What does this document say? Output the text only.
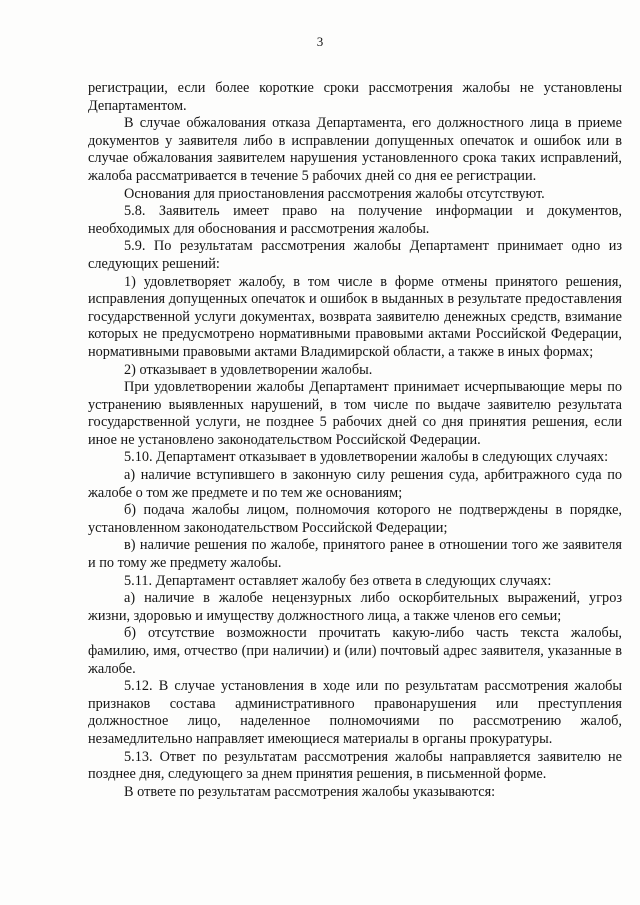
3

регистрации, если более короткие сроки рассмотрения жалобы не установлены Департаментом.

В случае обжалования отказа Департамента, его должностного лица в приеме документов у заявителя либо в исправлении допущенных опечаток и ошибок или в случае обжалования заявителем нарушения установленного срока таких исправлений, жалоба рассматривается в течение 5 рабочих дней со дня ее регистрации.

Основания для приостановления рассмотрения жалобы отсутствуют.

5.8. Заявитель имеет право на получение информации и документов, необходимых для обоснования и рассмотрения жалобы.

5.9. По результатам рассмотрения жалобы Департамент принимает одно из следующих решений:

1) удовлетворяет жалобу, в том числе в форме отмены принятого решения, исправления допущенных опечаток и ошибок в выданных в результате предоставления государственной услуги документах, возврата заявителю денежных средств, взимание которых не предусмотрено нормативными правовыми актами Российской Федерации, нормативными правовыми актами Владимирской области, а также в иных формах;

2) отказывает в удовлетворении жалобы.

При удовлетворении жалобы Департамент принимает исчерпывающие меры по устранению выявленных нарушений, в том числе по выдаче заявителю результата государственной услуги, не позднее 5 рабочих дней со дня принятия решения, если иное не установлено законодательством Российской Федерации.

5.10. Департамент отказывает в удовлетворении жалобы в следующих случаях:

а) наличие вступившего в законную силу решения суда, арбитражного суда по жалобе о том же предмете и по тем же основаниям;

б) подача жалобы лицом, полномочия которого не подтверждены в порядке, установленном законодательством Российской Федерации;

в) наличие решения по жалобе, принятого ранее в отношении того же заявителя и по тому же предмету жалобы.

5.11. Департамент оставляет жалобу без ответа в следующих случаях:

а) наличие в жалобе нецензурных либо оскорбительных выражений, угроз жизни, здоровью и имуществу должностного лица, а также членов его семьи;

б) отсутствие возможности прочитать какую-либо часть текста жалобы, фамилию, имя, отчество (при наличии) и (или) почтовый адрес заявителя, указанные в жалобе.

5.12. В случае установления в ходе или по результатам рассмотрения жалобы признаков состава административного правонарушения или преступления должностное лицо, наделенное полномочиями по рассмотрению жалоб, незамедлительно направляет имеющиеся материалы в органы прокуратуры.

5.13. Ответ по результатам рассмотрения жалобы направляется заявителю не позднее дня, следующего за днем принятия решения, в письменной форме.

В ответе по результатам рассмотрения жалобы указываются:
